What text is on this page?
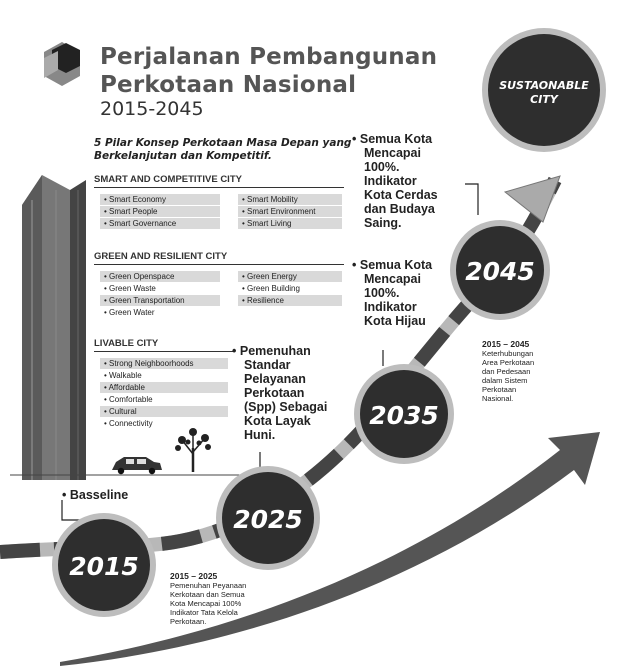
2015
2025
2035
2045
SUSTAONABLE
CITY
Perjalanan Pembangunan
Perkotaan Nasional
2015-2045
5 Pilar Konsep Perkotaan Masa Depan yang Berkelanjutan dan Kompetitif.
SMART AND COMPETITIVE CITY
• Smart Economy
• Smart People
• Smart Governance
• Smart Mobility
• Smart Environment
• Smart Living
GREEN AND RESILIENT CITY
• Green Openspace
• Green Waste
• Green Transportation
• Green Water
• Green Energy
• Green Building
• Resilience
LIVABLE CITY
• Strong Neighboorhoods
• Walkable
• Affordable
• Comfortable
• Cultural
• Connectivity
• Basseline
• Pemenuhan
Standar
Pelayanan
Perkotaan
(Spp) Sebagai
Kota Layak
Huni.
• Semua Kota
Mencapai
100%.
Indikator
Kota Hijau
• Semua Kota
Mencapai
100%.
Indikator
Kota Cerdas
dan Budaya
Saing.
2015 – 2025
Pemenuhan Peyanaan
Kerkotaan dan Semua
Kota Mencapai 100%
Indikator Tata Kelola
Perkotaan.
2015 – 2045
Keterhubungan
Area Perkotaan
dan Pedesaan
dalam Sistem
Perkotaan
Nasional.
